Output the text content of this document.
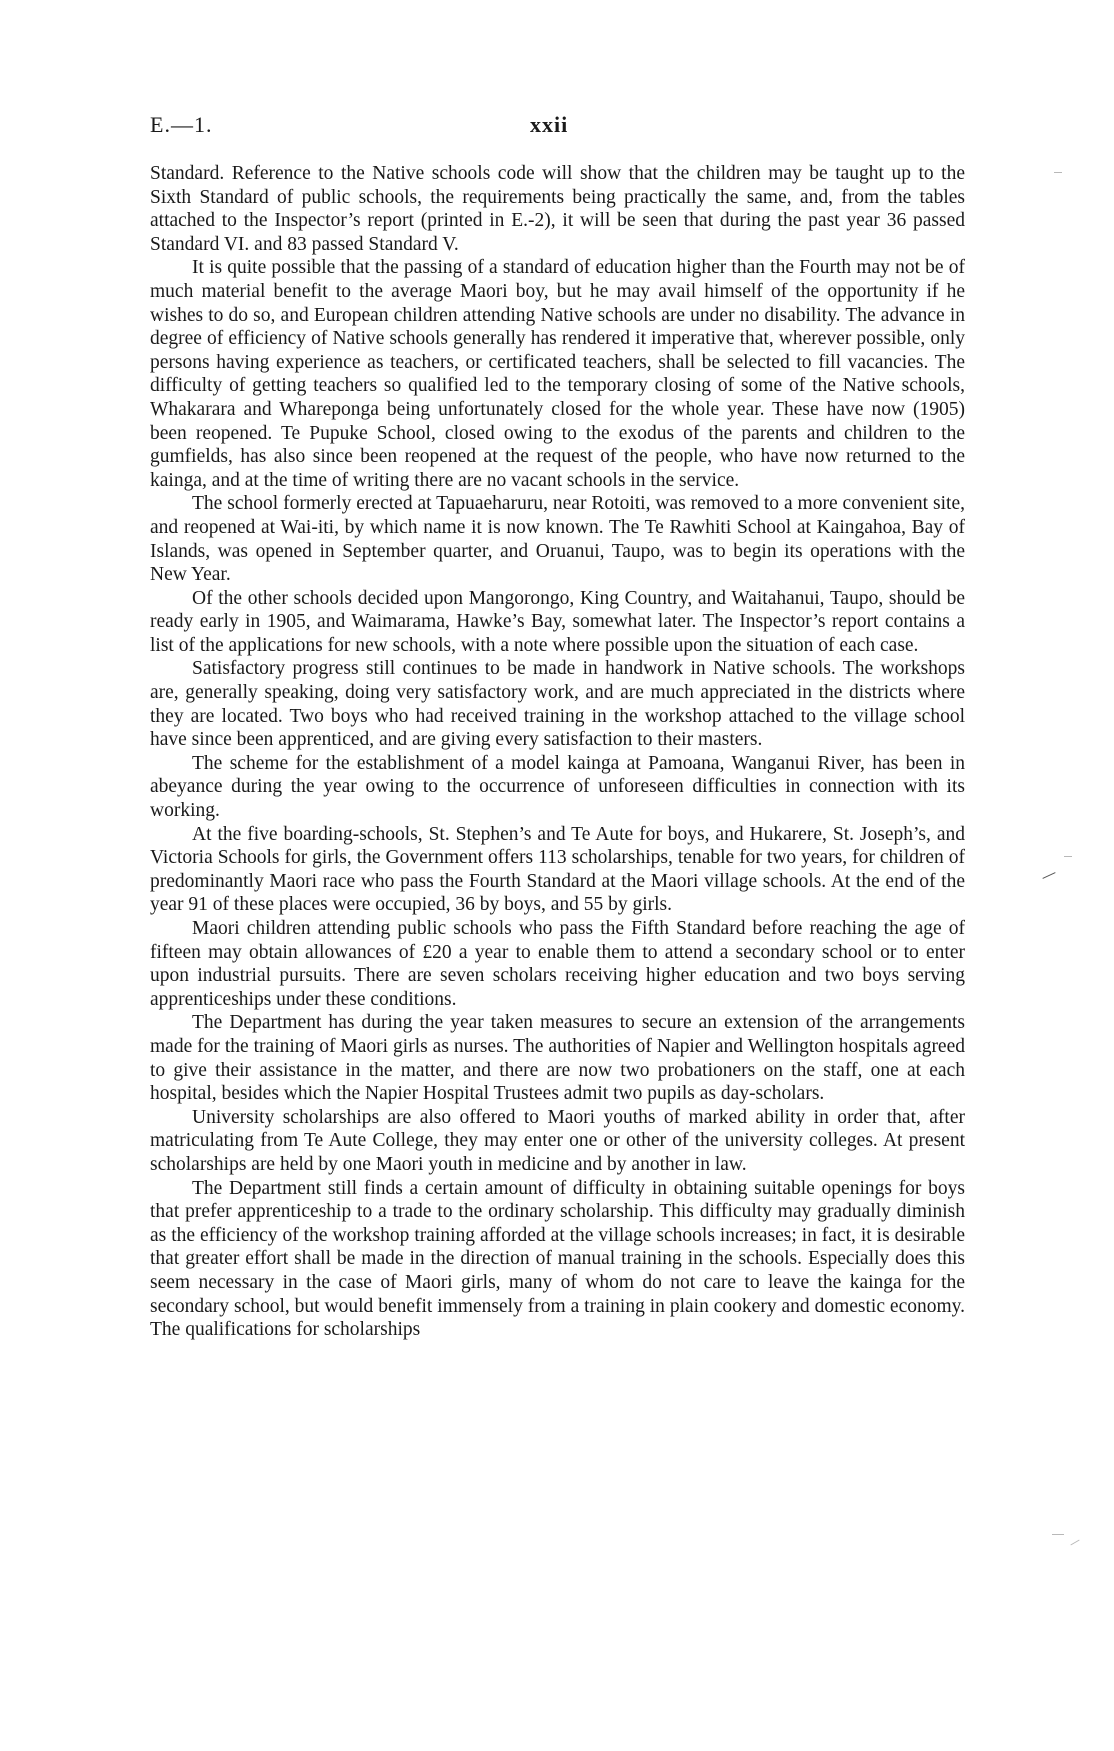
E.—1.	xxii

Standard. Reference to the Native schools code will show that the children may be taught up to the Sixth Standard of public schools, the requirements being practically the same, and, from the tables attached to the Inspector’s report (printed in E.-2), it will be seen that during the past year 36 passed Standard VI. and 83 passed Standard V.

It is quite possible that the passing of a standard of education higher than the Fourth may not be of much material benefit to the average Maori boy, but he may avail himself of the opportunity if he wishes to do so, and European children attending Native schools are under no disability. The advance in degree of efficiency of Native schools generally has rendered it imperative that, wherever possible, only persons having experience as teachers, or certificated teachers, shall be selected to fill vacancies. The difficulty of getting teachers so qualified led to the temporary closing of some of the Native schools, Whakarara and Whareponga being unfortunately closed for the whole year. These have now (1905) been reopened. Te Pupuke School, closed owing to the exodus of the parents and children to the gumfields, has also since been reopened at the request of the people, who have now returned to the kainga, and at the time of writing there are no vacant schools in the service.

The school formerly erected at Tapuaeharuru, near Rotoiti, was removed to a more convenient site, and reopened at Wai-iti, by which name it is now known. The Te Rawhiti School at Kaingahoa, Bay of Islands, was opened in September quarter, and Oruanui, Taupo, was to begin its operations with the New Year.

Of the other schools decided upon Mangorongo, King Country, and Waitahanui, Taupo, should be ready early in 1905, and Waimarama, Hawke’s Bay, somewhat later. The Inspector’s report contains a list of the applications for new schools, with a note where possible upon the situation of each case.

Satisfactory progress still continues to be made in handwork in Native schools. The workshops are, generally speaking, doing very satisfactory work, and are much appreciated in the districts where they are located. Two boys who had received training in the workshop attached to the village school have since been apprenticed, and are giving every satisfaction to their masters.

The scheme for the establishment of a model kainga at Pamoana, Wanganui River, has been in abeyance during the year owing to the occurrence of unforeseen difficulties in connection with its working.

At the five boarding-schools, St. Stephen’s and Te Aute for boys, and Hukarere, St. Joseph’s, and Victoria Schools for girls, the Government offers 113 scholarships, tenable for two years, for children of predominantly Maori race who pass the Fourth Standard at the Maori village schools. At the end of the year 91 of these places were occupied, 36 by boys, and 55 by girls.

Maori children attending public schools who pass the Fifth Standard before reaching the age of fifteen may obtain allowances of £20 a year to enable them to attend a secondary school or to enter upon industrial pursuits. There are seven scholars receiving higher education and two boys serving apprenticeships under these conditions.

The Department has during the year taken measures to secure an extension of the arrangements made for the training of Maori girls as nurses. The authorities of Napier and Wellington hospitals agreed to give their assistance in the matter, and there are now two probationers on the staff, one at each hospital, besides which the Napier Hospital Trustees admit two pupils as day-scholars.

University scholarships are also offered to Maori youths of marked ability in order that, after matriculating from Te Aute College, they may enter one or other of the university colleges. At present scholarships are held by one Maori youth in medicine and by another in law.

The Department still finds a certain amount of difficulty in obtaining suitable openings for boys that prefer apprenticeship to a trade to the ordinary scholarship. This difficulty may gradually diminish as the efficiency of the workshop training afforded at the village schools increases; in fact, it is desirable that greater effort shall be made in the direction of manual training in the schools. Especially does this seem necessary in the case of Maori girls, many of whom do not care to leave the kainga for the secondary school, but would benefit immensely from a training in plain cookery and domestic economy. The qualifications for scholarships
